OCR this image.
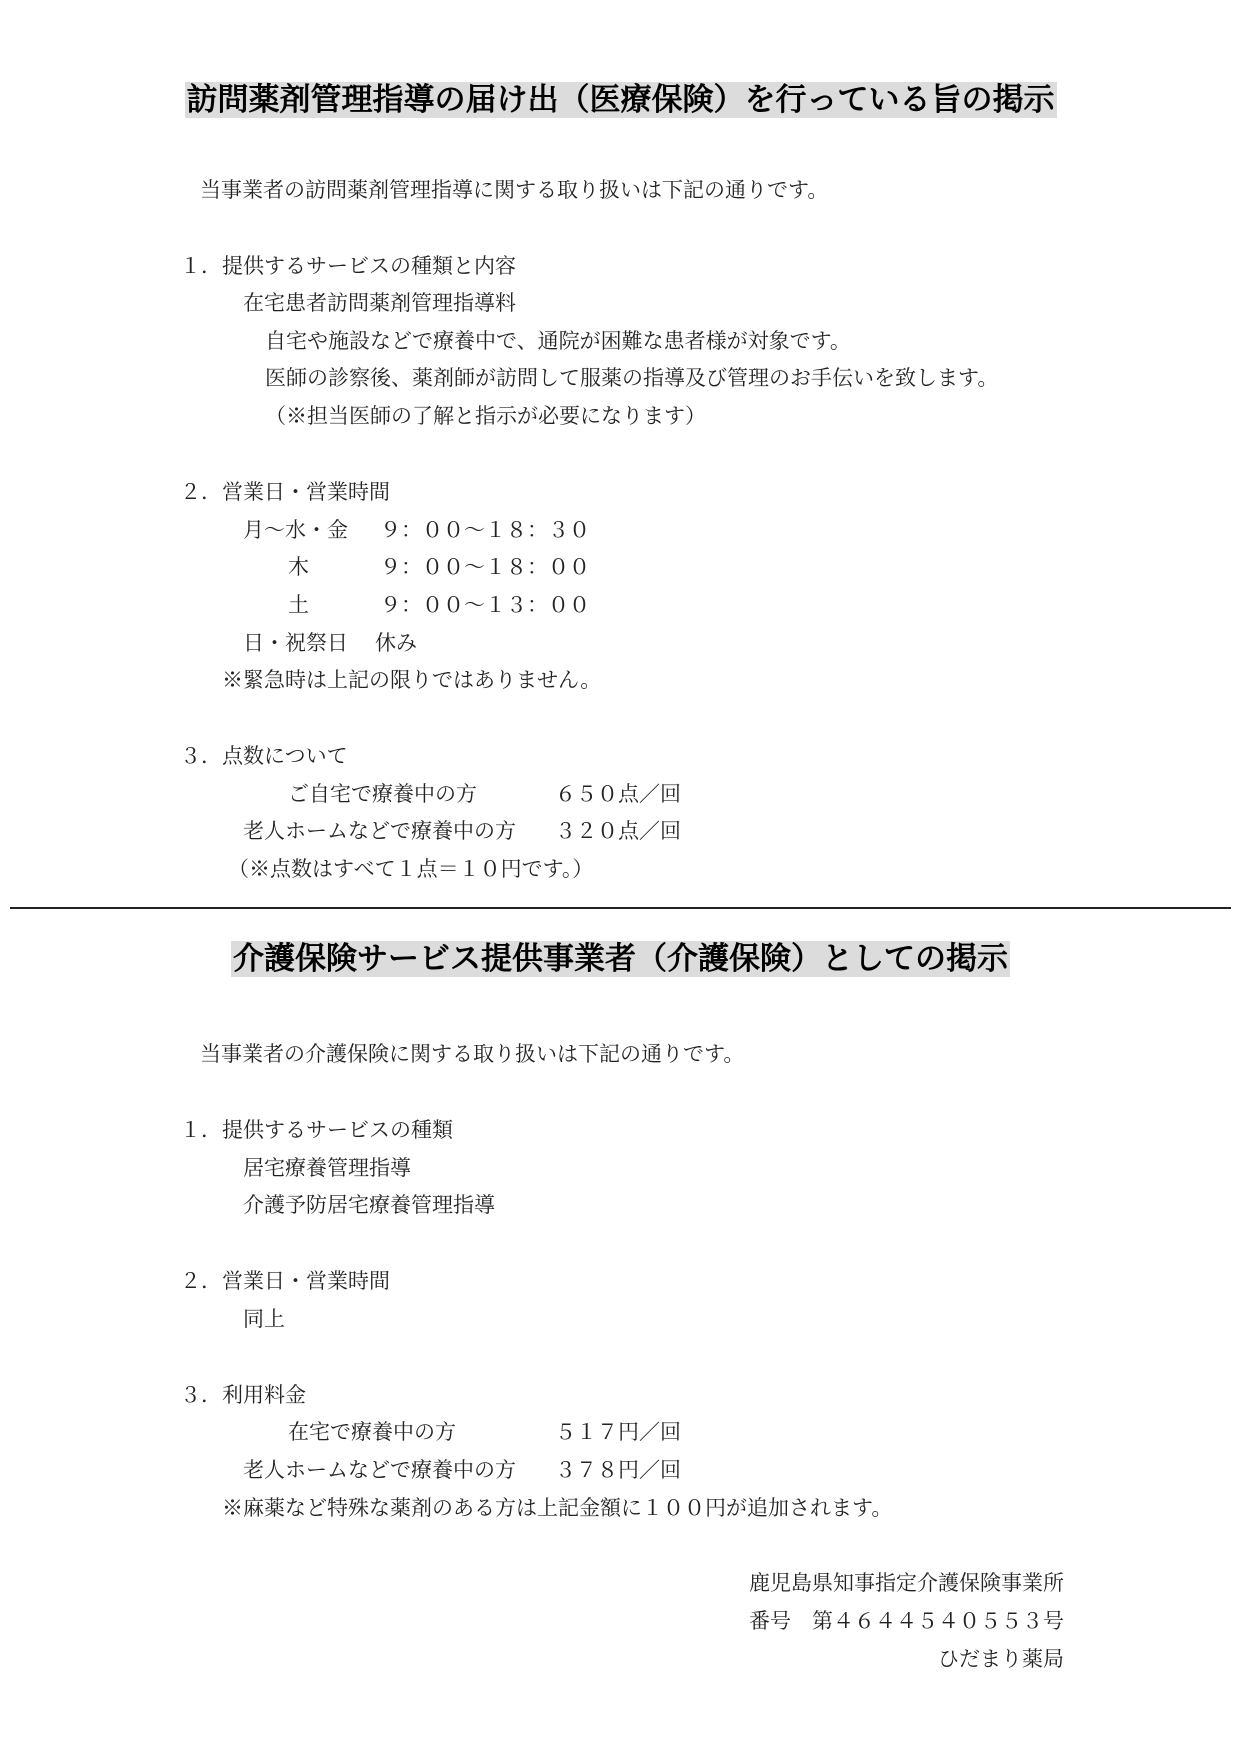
訪問薬剤管理指導の届け出（医療保険）を行っている旨の掲示
当事業者の訪問薬剤管理指導に関する取り扱いは下記の通りです。
１．提供するサービスの種類と内容
在宅患者訪問薬剤管理指導料
自宅や施設などで療養中で、通院が困難な患者様が対象です。
医師の診察後、薬剤師が訪問して服薬の指導及び管理のお手伝いを致します。
（※担当医師の了解と指示が必要になります）
２．営業日・営業時間
月～水・金 ９：００～１８：３０
木	９：００～１８：００
土	９：００～１３：００
日・祝祭日 休み
※緊急時は上記の限りではありません。
３．点数について
ご自宅で療養中の方	６５０点／回
老人ホームなどで療養中の方 ３２０点／回
（※点数はすべて１点＝１０円です。）
介護保険サービス提供事業者（介護保険）としての掲示
当事業者の介護保険に関する取り扱いは下記の通りです。
１．提供するサービスの種類
居宅療養管理指導
介護予防居宅療養管理指導
２．営業日・営業時間
同上
３．利用料金
在宅で療養中の方	５１７円／回
老人ホームなどで療養中の方 ３７８円／回
※麻薬など特殊な薬剤のある方は上記金額に１００円が追加されます。
鹿児島県知事指定介護保険事業所
番号　第４６４４５４０５５３号
ひだまり薬局
